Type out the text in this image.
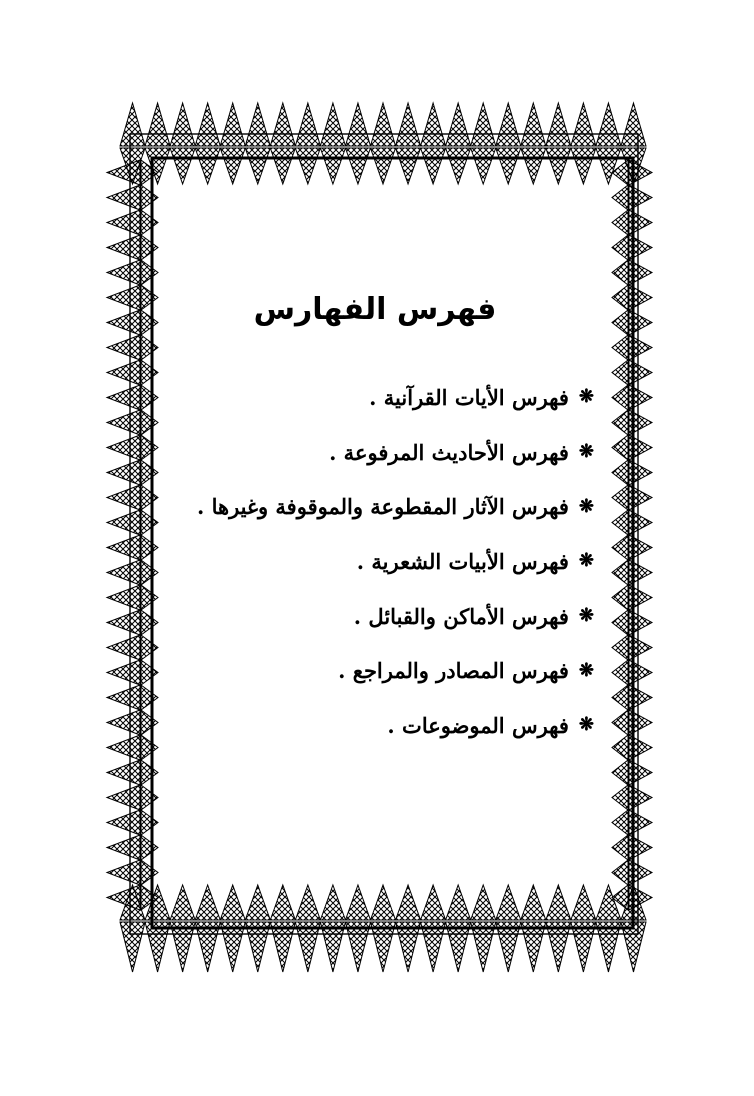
فهرس الفهارس
❋
فهرس الأيات القرآنية .
❋
فهرس الأحاديث المرفوعة .
❋
فهرس الآثار المقطوعة والموقوفة وغيرها .
❋
فهرس الأبيات الشعرية .
❋
فهرس الأماكن والقبائل .
❋
فهرس المصادر والمراجع .
❋
فهرس الموضوعات .
